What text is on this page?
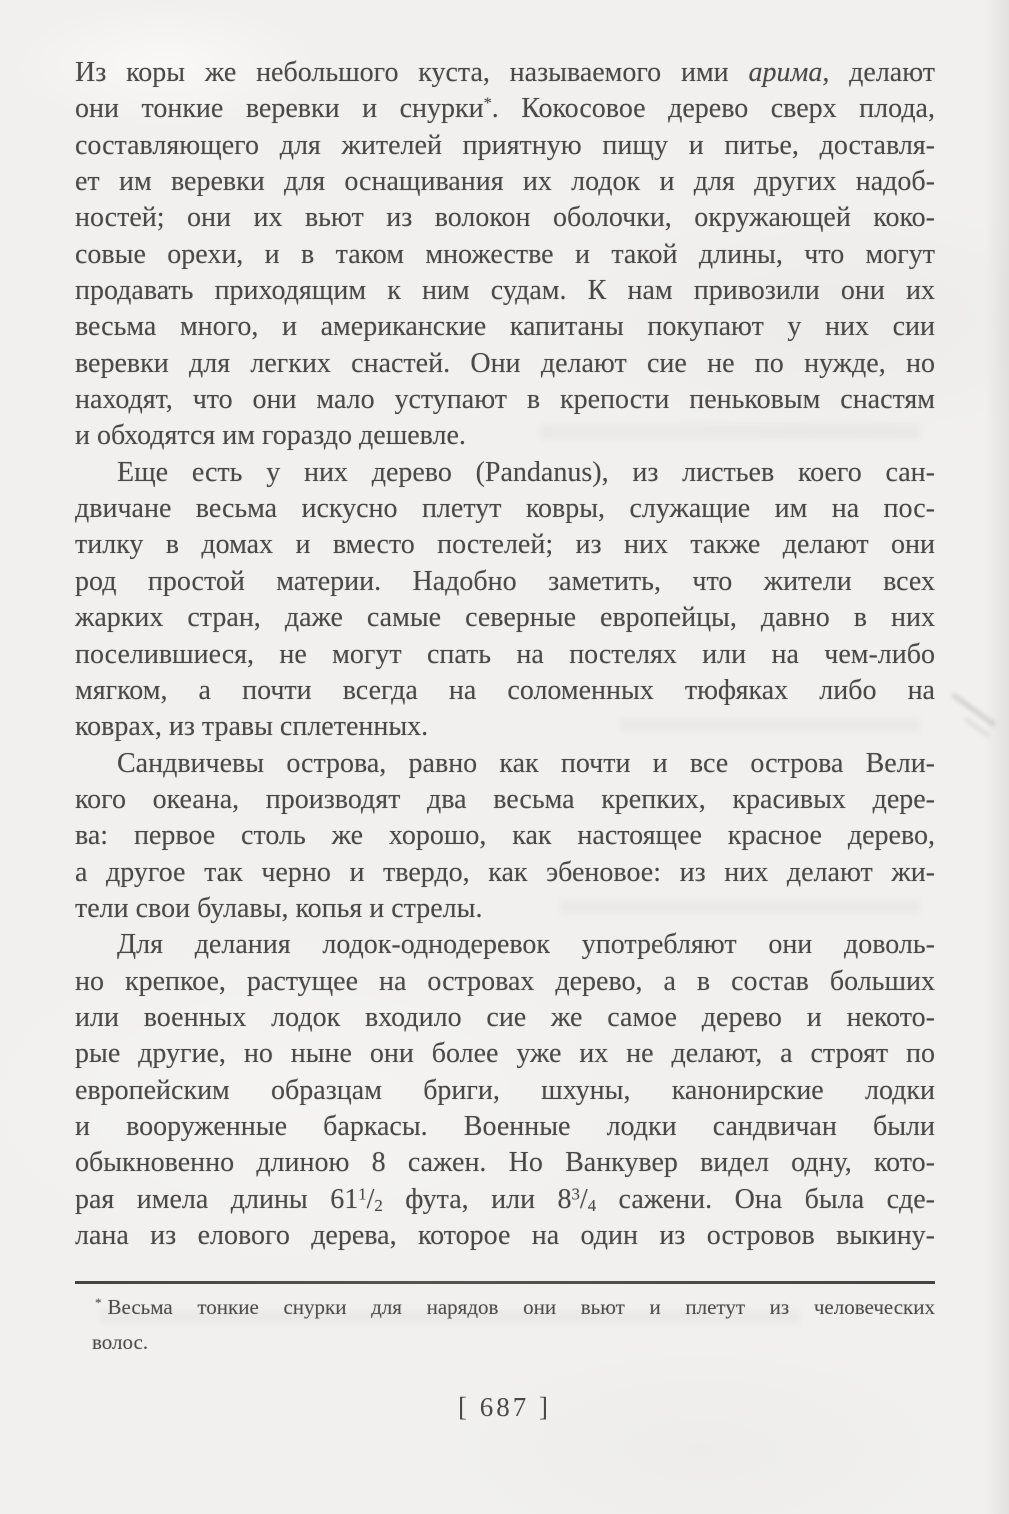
Из коры же небольшого куста, называемого ими арима, делают
они тонкие веревки и снурки*. Кокосовое дерево сверх плода,
составляющего для жителей приятную пищу и питье, доставля-
ет им веревки для оснащивания их лодок и для других надоб-
ностей; они их вьют из волокон оболочки, окружающей коко-
совые орехи, и в таком множестве и такой длины, что могут
продавать приходящим к ним судам. К нам привозили они их
весьма много, и американские капитаны покупают у них сии
веревки для легких снастей. Они делают сие не по нужде, но
находят, что они мало уступают в крепости пеньковым снастям
и обходятся им гораздо дешевле.
Еще есть у них дерево (Pandanus), из листьев коего сан-
двичане весьма искусно плетут ковры, служащие им на пос-
тилку в домах и вместо постелей; из них также делают они
род простой материи. Надобно заметить, что жители всех
жарких стран, даже самые северные европейцы, давно в них
поселившиеся, не могут спать на постелях или на чем-либо
мягком, а почти всегда на соломенных тюфяках либо на
коврах, из травы сплетенных.
Сандвичевы острова, равно как почти и все острова Вели-
кого океана, производят два весьма крепких, красивых дере-
ва: первое столь же хорошо, как настоящее красное дерево,
а другое так черно и твердо, как эбеновое: из них делают жи-
тели свои булавы, копья и стрелы.
Для делания лодок-однодеревок употребляют они доволь-
но крепкое, растущее на островах дерево, а в состав больших
или военных лодок входило сие же самое дерево и некото-
рые другие, но ныне они более уже их не делают, а строят по
европейским образцам бриги, шхуны, канонирские лодки
и вооруженные баркасы. Военные лодки сандвичан были
обыкновенно длиною 8 сажен. Но Ванкувер видел одну, кото-
рая имела длины $61^1/_2$ фута, или $8^3/_4$ сажени. Она была сде-
лана из елового дерева, которое на один из островов выкину-
* Весьма тонкие снурки для нарядов они вьют и плетут из человеческих
волос.
[ 687 ]
